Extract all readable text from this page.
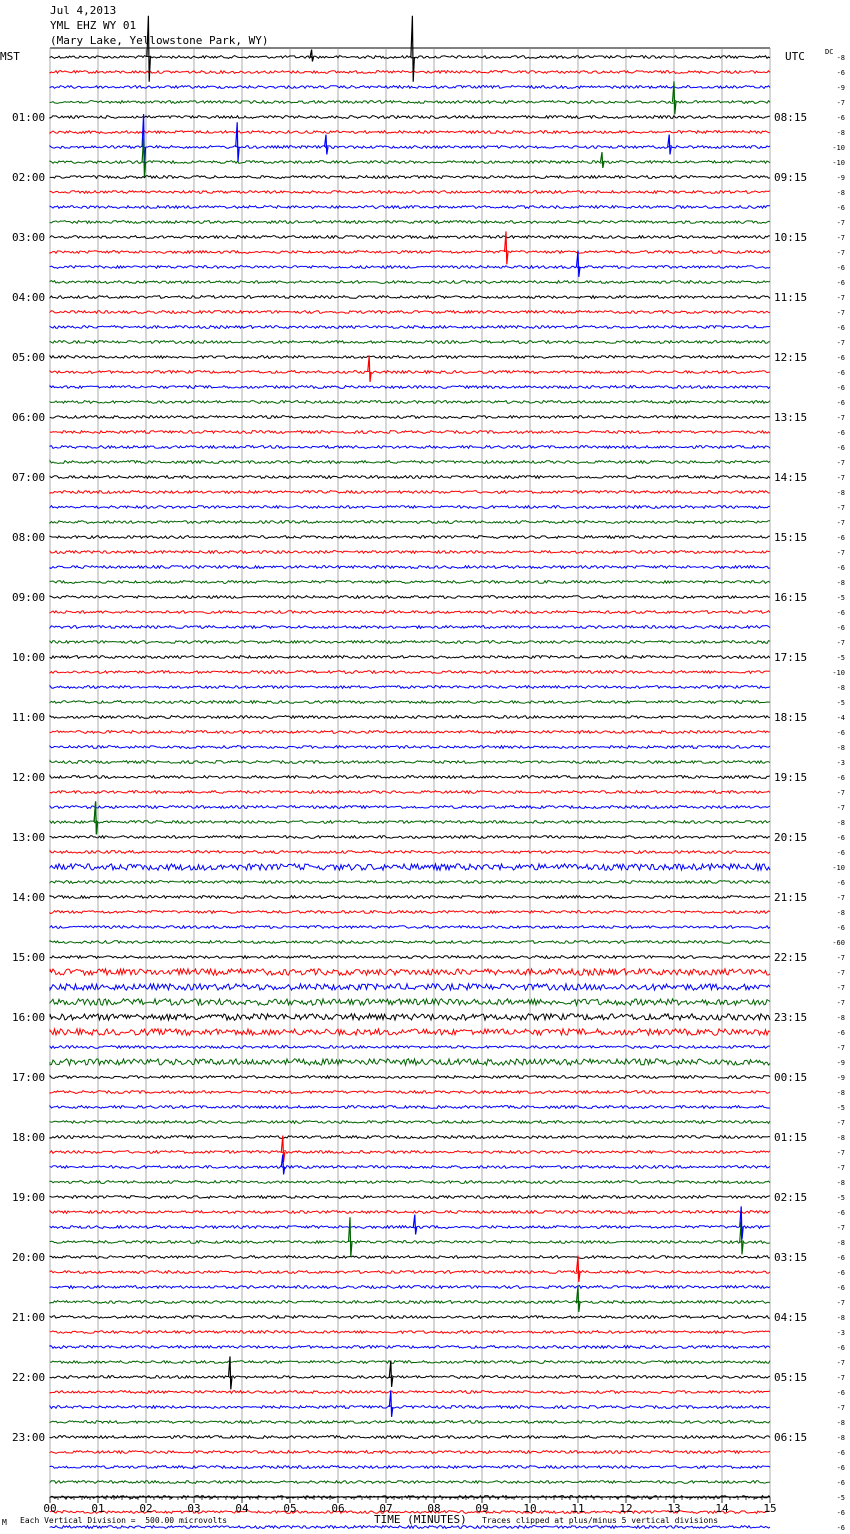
Jul 4,2013
YML EHZ WY 01
(Mary Lake, Yellowstone Park, WY)
MST	UTC	DC
00	01	02	03	04	05	06	07	08	09	10	11	12	13	14	15
-8
-6
-9
-7
-6
-8
-10
-10
-9
-8
-6
-7
-7
-7
-6
-6
-7
-7
-6
-7
-6
-6
-6
-6
-7
-6
-6
-7
-7
-8
-7
-7
-6
-7
-6
-8
-5
-6
-6
-7
-5
-10
-8
-5
-4
-6
-8
-3
-6
-7
-7
-8
-6
-6
-10
-6
-7
-8
-6
-60
-7
-7
-7
-7
-8
-6
-7
-9
-9
-8
-5
-7
-8
-7
-7
-8
-5
-6
-7
-8
-6
-6
-6
-7
-8
-3
-6
-7
-7
-6
-7
-8
-8
-6
-6
-6
-5
-6
-6
01:00	08:15
02:00	09:15
03:00	10:15
04:00	11:15
05:00	12:15
06:00	13:15
07:00	14:15
08:00	15:15
09:00	16:15
10:00	17:15
11:00	18:15
12:00	19:15
13:00	20:15
14:00	21:15
15:00	22:15
16:00	23:15
17:00	00:15
18:00	01:15
19:00	02:15
20:00	03:15
21:00	04:15
22:00	05:15
23:00	06:15
M Each Vertical Division =  500.00 microvolts	TIME (MINUTES) Traces clipped at plus/minus 5 vertical divisions
